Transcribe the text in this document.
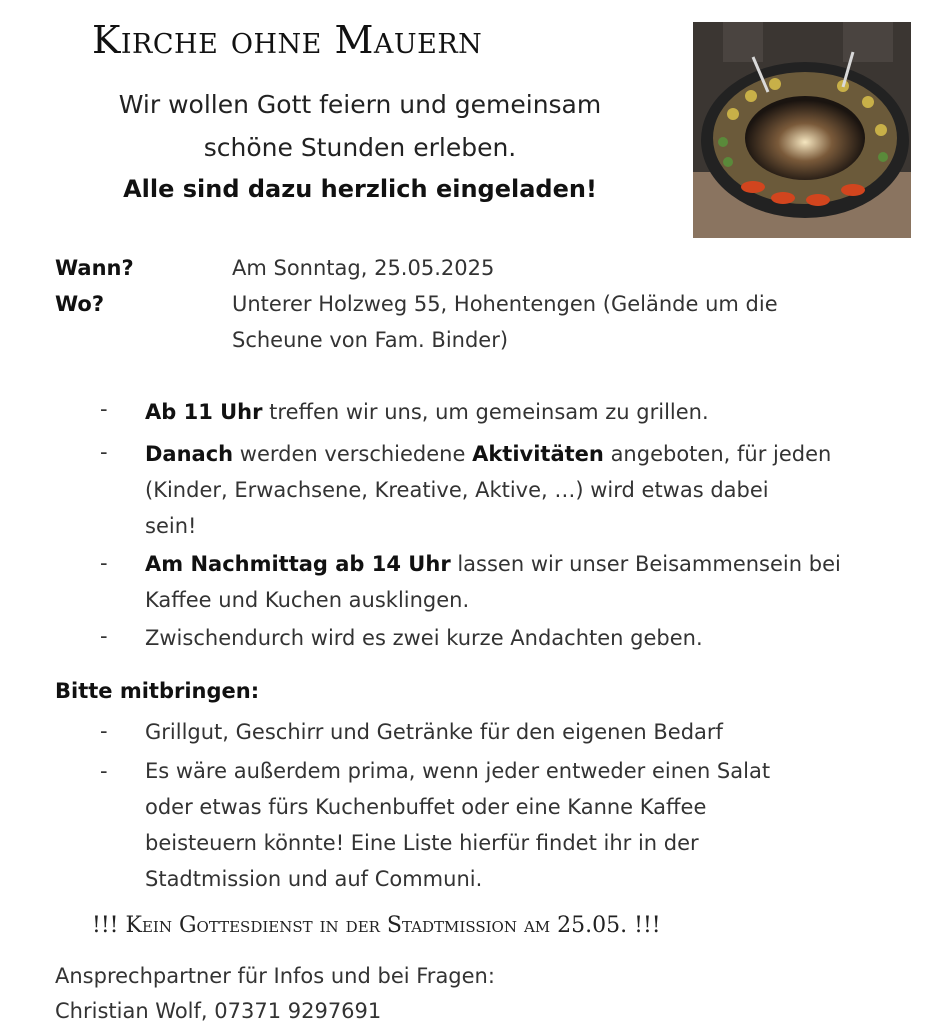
Kirche ohne Mauern
Wir wollen Gott feiern und gemeinsam
schöne Stunden erleben.
Alle sind dazu herzlich eingeladen!
Wann?	Am Sonntag, 25.05.2025
Wo?	Unterer Holzweg 55, Hohentengen (Gelände um die
Scheune von Fam. Binder)
- Ab 11 Uhr treffen wir uns, um gemeinsam zu grillen.
- Danach werden verschiedene Aktivitäten angeboten, für jeden
(Kinder, Erwachsene, Kreative, Aktive, …) wird etwas dabei
sein!
- Am Nachmittag ab 14 Uhr lassen wir unser Beisammensein bei
Kaffee und Kuchen ausklingen.
- Zwischendurch wird es zwei kurze Andachten geben.
Bitte mitbringen:
- Grillgut, Geschirr und Getränke für den eigenen Bedarf
- Es wäre außerdem prima, wenn jeder entweder einen Salat
oder etwas fürs Kuchenbuffet oder eine Kanne Kaffee
beisteuern könnte! Eine Liste hierfür findet ihr in der
Stadtmission und auf Communi.
!!! Kein Gottesdienst in der Stadtmission am 25.05. !!!
Ansprechpartner für Infos und bei Fragen:
Christian Wolf, 07371 9297691
